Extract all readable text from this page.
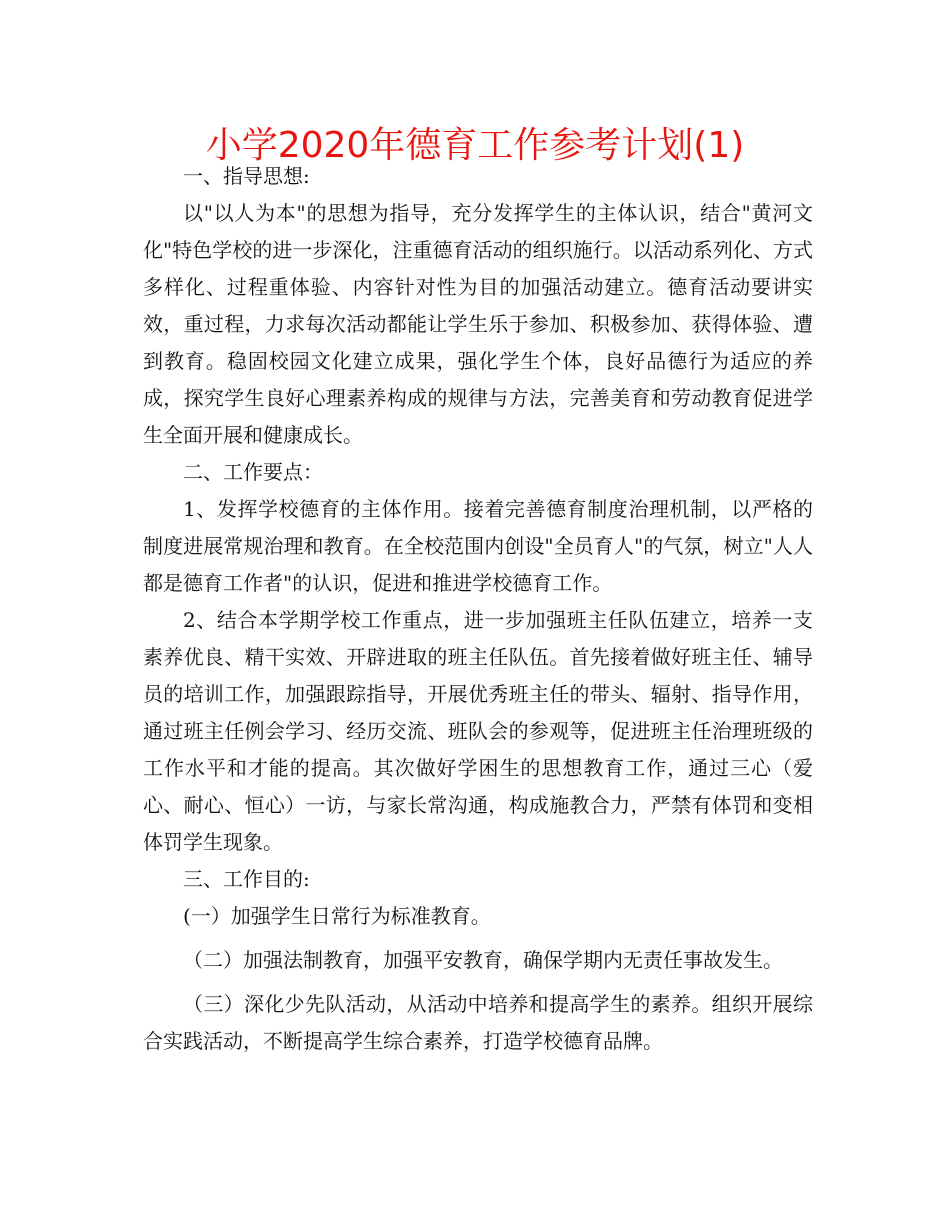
小学2020年德育工作参考计划(1)

一、指导思想:

以"以人为本"的思想为指导，充分发挥学生的主体认识，结合"黄河文化"特色学校的进一步深化，注重德育活动的组织施行。以活动系列化、方式多样化、过程重体验、内容针对性为目的加强活动建立。德育活动要讲实效，重过程，力求每次活动都能让学生乐于参加、积极参加、获得体验、遭到教育。稳固校园文化建立成果，强化学生个体，良好品德行为适应的养成，探究学生良好心理素养构成的规律与方法，完善美育和劳动教育促进学生全面开展和健康成长。

二、工作要点：

1、发挥学校德育的主体作用。接着完善德育制度治理机制，以严格的制度进展常规治理和教育。在全校范围内创设"全员育人"的气氛，树立"人人都是德育工作者"的认识，促进和推进学校德育工作。

2、结合本学期学校工作重点，进一步加强班主任队伍建立，培养一支素养优良、精干实效、开辟进取的班主任队伍。首先接着做好班主任、辅导员的培训工作，加强跟踪指导，开展优秀班主任的带头、辐射、指导作用，通过班主任例会学习、经历交流、班队会的参观等，促进班主任治理班级的工作水平和才能的提高。其次做好学困生的思想教育工作，通过三心（爱心、耐心、恒心）一访，与家长常沟通，构成施教合力，严禁有体罚和变相体罚学生现象。

三、工作目的:

(一）加强学生日常行为标准教育。

（二）加强法制教育，加强平安教育，确保学期内无责任事故发生。

（三）深化少先队活动，从活动中培养和提高学生的素养。组织开展综合实践活动，不断提高学生综合素养，打造学校德育品牌。
